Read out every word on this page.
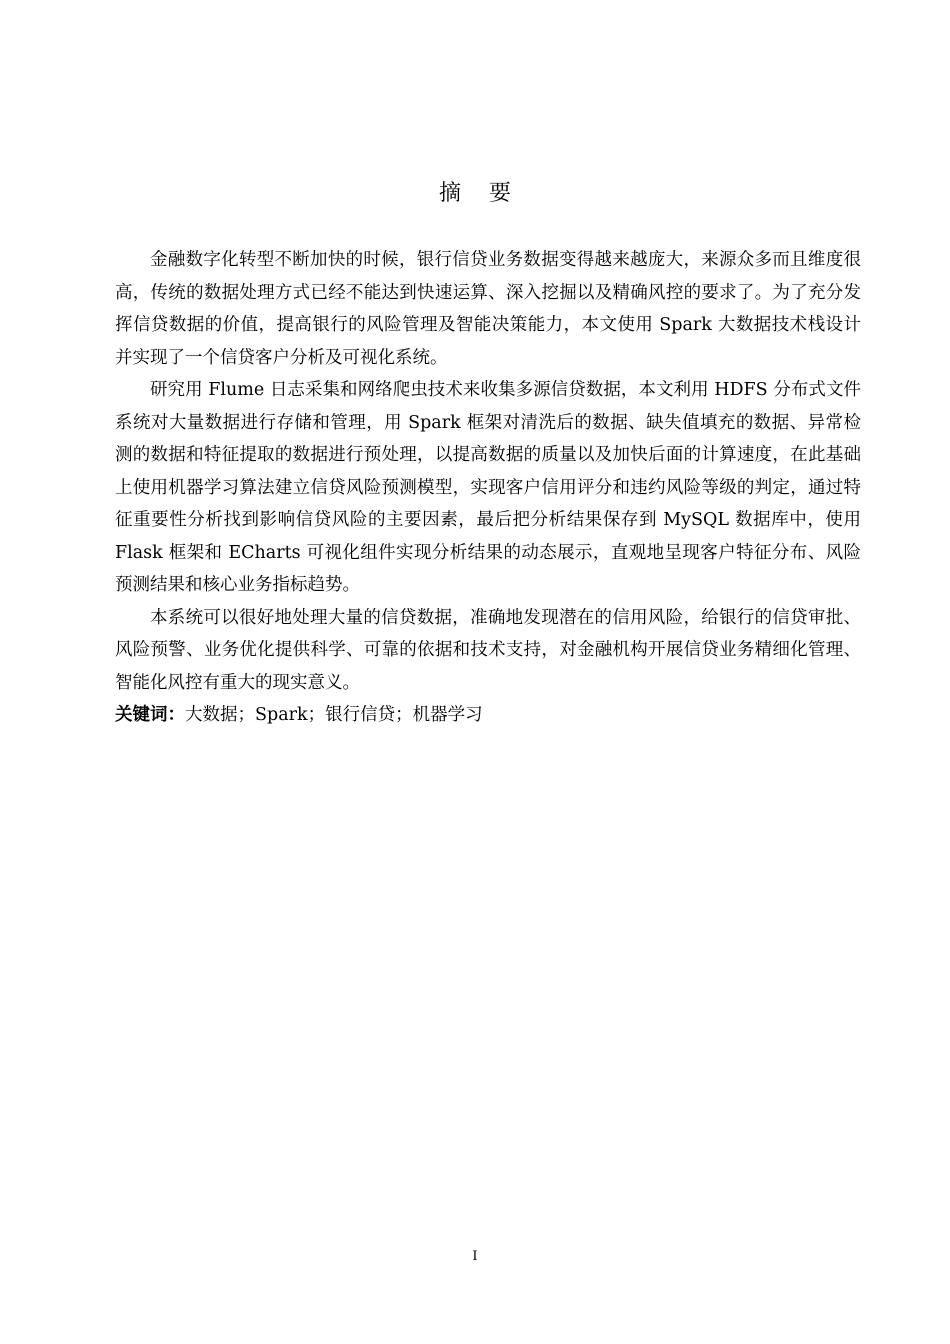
摘要

金融数字化转型不断加快的时候，银行信贷业务数据变得越来越庞大，来源众多而且维度很高，传统的数据处理方式已经不能达到快速运算、深入挖掘以及精确风控的要求了。为了充分发挥信贷数据的价值，提高银行的风险管理及智能决策能力，本文使用 Spark 大数据技术栈设计并实现了一个信贷客户分析及可视化系统。

研究用 Flume 日志采集和网络爬虫技术来收集多源信贷数据，本文利用 HDFS 分布式文件系统对大量数据进行存储和管理，用 Spark 框架对清洗后的数据、缺失值填充的数据、异常检测的数据和特征提取的数据进行预处理，以提高数据的质量以及加快后面的计算速度，在此基础上使用机器学习算法建立信贷风险预测模型，实现客户信用评分和违约风险等级的判定，通过特征重要性分析找到影响信贷风险的主要因素，最后把分析结果保存到 MySQL 数据库中，使用 Flask 框架和 ECharts 可视化组件实现分析结果的动态展示，直观地呈现客户特征分布、风险预测结果和核心业务指标趋势。

本系统可以很好地处理大量的信贷数据，准确地发现潜在的信用风险，给银行的信贷审批、风险预警、业务优化提供科学、可靠的依据和技术支持，对金融机构开展信贷业务精细化管理、智能化风控有重大的现实意义。

关键词：大数据；Spark；银行信贷；机器学习

I
